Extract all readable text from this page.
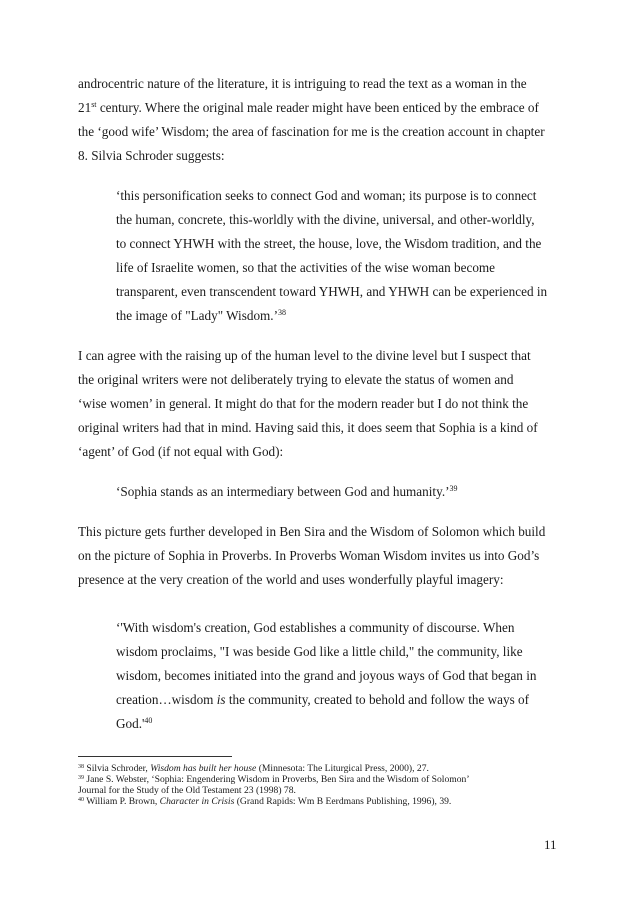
androcentric nature of the literature, it is intriguing to read the text as a woman in the
21st century. Where the original male reader might have been enticed by the embrace of
the ‘good wife’ Wisdom; the area of fascination for me is the creation account in chapter
8. Silvia Schroder suggests:
‘this personification seeks to connect God and woman; its purpose is to connect
the human, concrete, this-worldly with the divine, universal, and other-worldly,
to connect YHWH with the street, the house, love, the Wisdom tradition, and the
life of Israelite women, so that the activities of the wise woman become
transparent, even transcendent toward YHWH, and YHWH can be experienced in
the image of "Lady" Wisdom.’$^{38}$
I can agree with the raising up of the human level to the divine level but I suspect that
the original writers were not deliberately trying to elevate the status of women and
‘wise women’ in general. It might do that for the modern reader but I do not think the
original writers had that in mind. Having said this, it does seem that Sophia is a kind of
‘agent’ of God (if not equal with God):
‘Sophia stands as an intermediary between God and humanity.’$^{39}$
This picture gets further developed in Ben Sira and the Wisdom of Solomon which build
on the picture of Sophia in Proverbs. In Proverbs Woman Wisdom invites us into God’s
presence at the very creation of the world and uses wonderfully playful imagery:
‘'With wisdom's creation, God establishes a community of discourse. When
wisdom proclaims, "I was beside God like a little child," the community, like
wisdom, becomes initiated into the grand and joyous ways of God that began in
creation…wisdom is the community, created to behold and follow the ways of
$God.'^{40}$
$^{38}$ Silvia Schroder, Wisdom has built her house (Minnesota: The Liturgical Press, 2000), 27.
$^{39}$ Jane S. Webster, ‘Sophia: Engendering Wisdom in Proverbs, Ben Sira and the Wisdom of Solomon’
Journal for the Study of the Old Testament 23 (1998) 78.
$^{40}$ William P. Brown, Character in Crisis (Grand Rapids: Wm B Eerdmans Publishing, 1996), 39.
11
